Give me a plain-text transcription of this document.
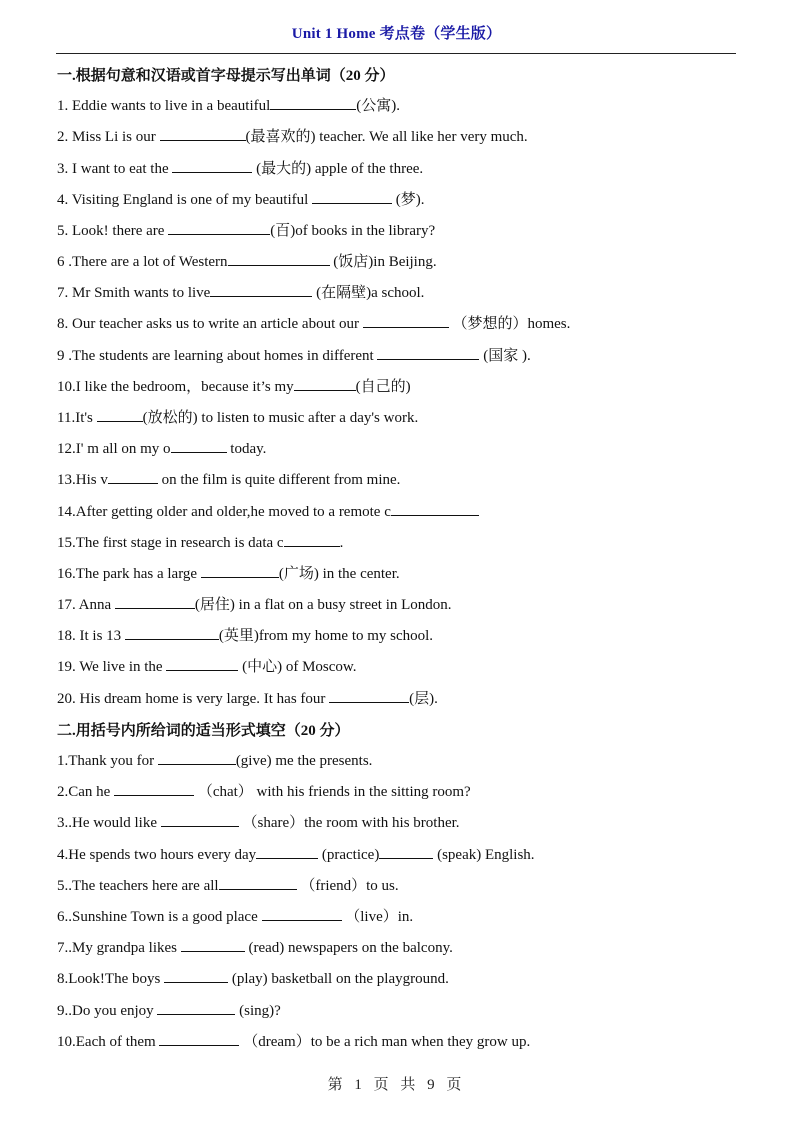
Unit 1 Home 考点卷（学生版）
一.根据句意和汉语或首字母提示写出单词（20 分）
1. Eddie wants to live in a beautiful	(公寓).
2. Miss Li is our	(最喜欢的) teacher. We all like her very much.
3. I want to eat the	(最大的) apple of the three.
4. Visiting England is one of my beautiful	(梦).
5. Look! there are	(百)of books in the library?
6 .There are a lot of Western	(饭店)in Beijing.
7. Mr Smith wants to live	(在隔壁)a school.
8. Our teacher asks us to write an article about our	（梦想的）homes.
9 .The students are learning about homes in different	(国家 ).
10.I like the bedroom，because it’s my	(自己的)
11.It's	(放松的) to listen to music after a day's work.
12.I' m all on my o	today.
13.His v	on the film is quite different from mine.
14.After getting older and older,he moved to a remote c
15.The first stage in research is data c	.
16.The park has a large	(广场) in the center.
17. Anna	(居住) in a flat on a busy street in London.
18. It is 13	(英里)from my home to my school.
19. We live in the	(中心) of Moscow.
20. His dream home is very large. It has four	(层).
二.用括号内所给词的适当形式填空（20 分）
1.Thank you for	(give) me the presents.
2.Can he	（chat） with his friends in the sitting room?
3..He would like	（share）the room with his brother.
4.He spends two hours every day	(practice)	(speak) English.
5..The teachers here are all	（friend）to us.
6..Sunshine Town is a good place	（live）in.
7..My grandpa likes	(read) newspapers on the balcony.
8.Look!The boys	(play) basketball on the playground.
9..Do you enjoy	(sing)?
10.Each of them	（dream）to be a rich man when they grow up.
第 1 页 共 9 页
